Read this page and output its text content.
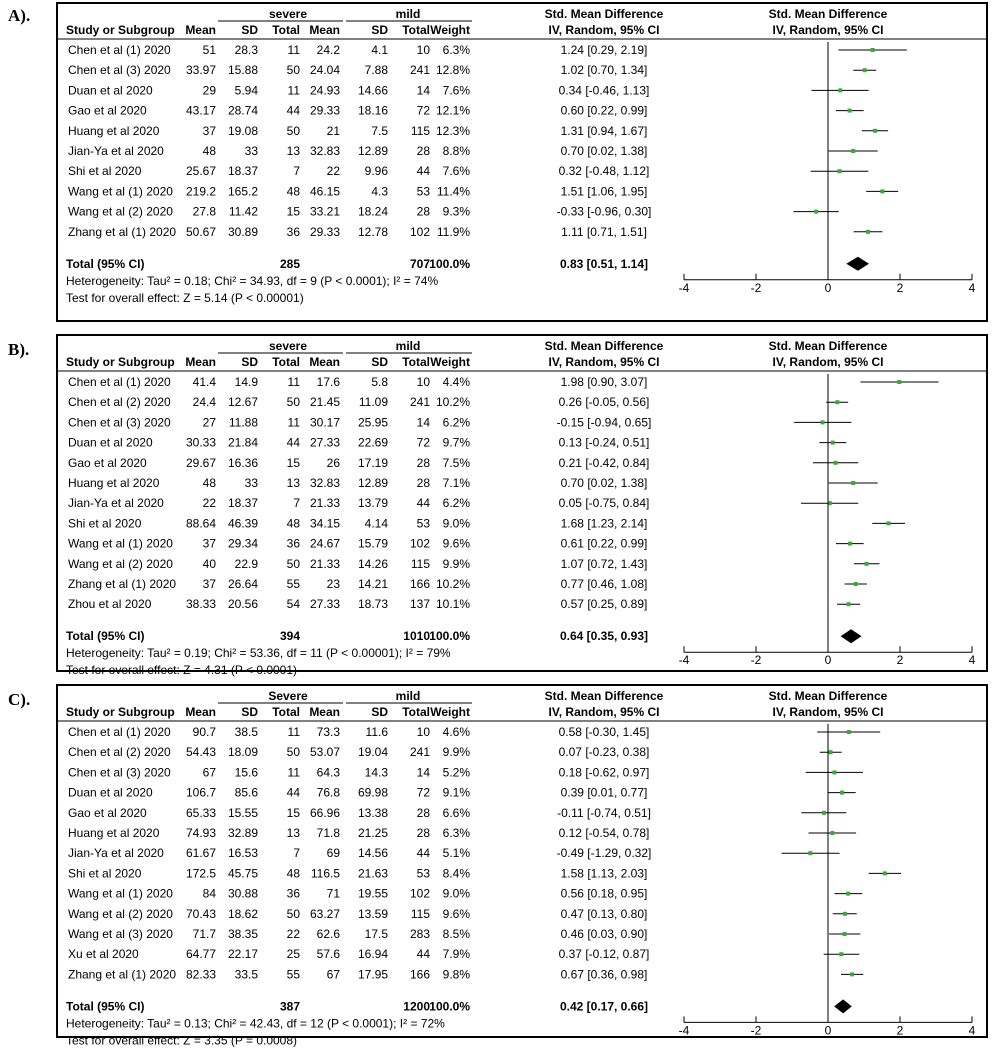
A).	severe	mild	Std. Mean Difference	Std. Mean Difference
Study or Subgroup Mean SD Total Mean	SD Total Weight	IV, Random, 95% CI	IV, Random, 95% CI
Chen et al (1) 2020	51 28.3 11 24.2	4.1 10 6.3%	1.24 [0.29, 2.19]
Chen et al (3) 2020 33.97 15.88 50 24.04 7.88 241 12.8%	1.02 [0.70, 1.34]
Duan et al 2020	29 5.94 11 24.93 14.66 14 7.6%	0.34 [-0.46, 1.13]
Gao et al 2020	43.17 28.74 44 29.33 18.16 72 12.1%	0.60 [0.22, 0.99]
Huang et al 2020	37 19.08 50 21	7.5 115 12.3%	1.31 [0.94, 1.67]
Jian-Ya et al 2020	48 33 13 32.83 12.89 28 8.8%	0.70 [0.02, 1.38]
Shi et al 2020	25.67 18.37	7 22 9.96 44 7.6%	0.32 [-0.48, 1.12]
Wang et al (1) 2020 219.2 165.2 48 46.15	4.3 53 11.4%	1.51 [1.06, 1.95]
Wang et al (2) 2020 27.8 11.42 15 33.21 18.24 28 9.3%	-0.33 [-0.96, 0.30]
Zhang et al (1) 2020 50.67 30.89 36 29.33 12.78 102 11.9%	1.11 [0.71, 1.51]
Total (95% CI)	285	707 100.0%	0.83 [0.51, 1.14]
-4	-2	0	2	4
Heterogeneity: Tau² = 0.18; Chi² = 34.93, df = 9 (P < 0.0001); I² = 74%
Test for overall effect: Z = 5.14 (P < 0.00001)
B).	severe	mild	Std. Mean Difference	Std. Mean Difference
Study or Subgroup Mean SD Total Mean	SD Total Weight	IV, Random, 95% CI	IV, Random, 95% CI
Chen et al (1) 2020 41.4 14.9 11 17.6	5.8 10 4.4%	1.98 [0.90, 3.07]
Chen et al (2) 2020 24.4 12.67 50 21.45 11.09 241 10.2%	0.26 [-0.05, 0.56]
Chen et al (3) 2020	27 11.88 11 30.17 25.95 14 6.2%	-0.15 [-0.94, 0.65]
Duan et al 2020	30.33 21.84 44 27.33 22.69 72 9.7%	0.13 [-0.24, 0.51]
Gao et al 2020	29.67 16.36 15 26 17.19 28 7.5%	0.21 [-0.42, 0.84]
Huang et al 2020	48 33 13 32.83 12.89 28 7.1%	0.70 [0.02, 1.38]
Jian-Ya et al 2020	22 18.37	7 21.33 13.79 44 6.2%	0.05 [-0.75, 0.84]
Shi et al 2020	88.64 46.39 48 34.15 4.14 53 9.0%	1.68 [1.23, 2.14]
Wang et al (1) 2020 37 29.34 36 24.67 15.79 102 9.6%	0.61 [0.22, 0.99]
Wang et al (2) 2020 40 22.9 50 21.33 14.26 115 9.9%	1.07 [0.72, 1.43]
Zhang et al (1) 2020 37 26.64 55 23 14.21 166 10.2%	0.77 [0.46, 1.08]
Zhou et al 2020	38.33 20.56 54 27.33 18.73 137 10.1%	0.57 [0.25, 0.89]
Total (95% CI)	394	1010 100.0%	0.64 [0.35, 0.93]
-4	-2	0	2	4
Heterogeneity: Tau² = 0.19; Chi² = 53.36, df = 11 (P < 0.00001); I² = 79%
Test for overall effect: Z = 4.31 (P < 0.0001)
C).	Severe	mild	Std. Mean Difference	Std. Mean Difference
Study or Subgroup Mean SD Total Mean	SD Total Weight	IV, Random, 95% CI	IV, Random, 95% CI
Chen et al (1) 2020 90.7 38.5 11 73.3 11.6 10 4.6%	0.58 [-0.30, 1.45]
Chen et al (2) 2020 54.43 18.09 50 53.07 19.04 241 9.9%	0.07 [-0.23, 0.38]
Chen et al (3) 2020	67 15.6 11 64.3 14.3 14 5.2%	0.18 [-0.62, 0.97]
Duan et al 2020	106.7 85.6 44 76.8 69.98 72 9.1%	0.39 [0.01, 0.77]
Gao et al 2020	65.33 15.55 15 66.96 13.38 28 6.6%	-0.11 [-0.74, 0.51]
Huang et al 2020 74.93 32.89 13 71.8 21.25 28 6.3%	0.12 [-0.54, 0.78]
Jian-Ya et al 2020 61.67 16.53	7 69 14.56 44 5.1%	-0.49 [-1.29, 0.32]
Shi et al 2020	172.5 45.75 48 116.5 21.63 53 8.4%	1.58 [1.13, 2.03]
Wang et al (1) 2020 84 30.88 36 71 19.55 102 9.0%	0.56 [0.18, 0.95]
Wang et al (2) 2020 70.43 18.62 50 63.27 13.59 115 9.6%	0.47 [0.13, 0.80]
Wang et al (3) 2020 71.7 38.35 22 62.6 17.5 283 8.5%	0.46 [0.03, 0.90]
Xu et al 2020	64.77 22.17 25 57.6 16.94 44 7.9%	0.37 [-0.12, 0.87]
Zhang et al (1) 2020 82.33 33.5 55 67 17.95 166 9.8%	0.67 [0.36, 0.98]
Total (95% CI)	387	1200 100.0%	0.42 [0.17, 0.66]
-4	-2	0	2	4
Heterogeneity: Tau² = 0.13; Chi² = 42.43, df = 12 (P < 0.0001); I² = 72%
Test for overall effect: Z = 3.35 (P = 0.0008)
